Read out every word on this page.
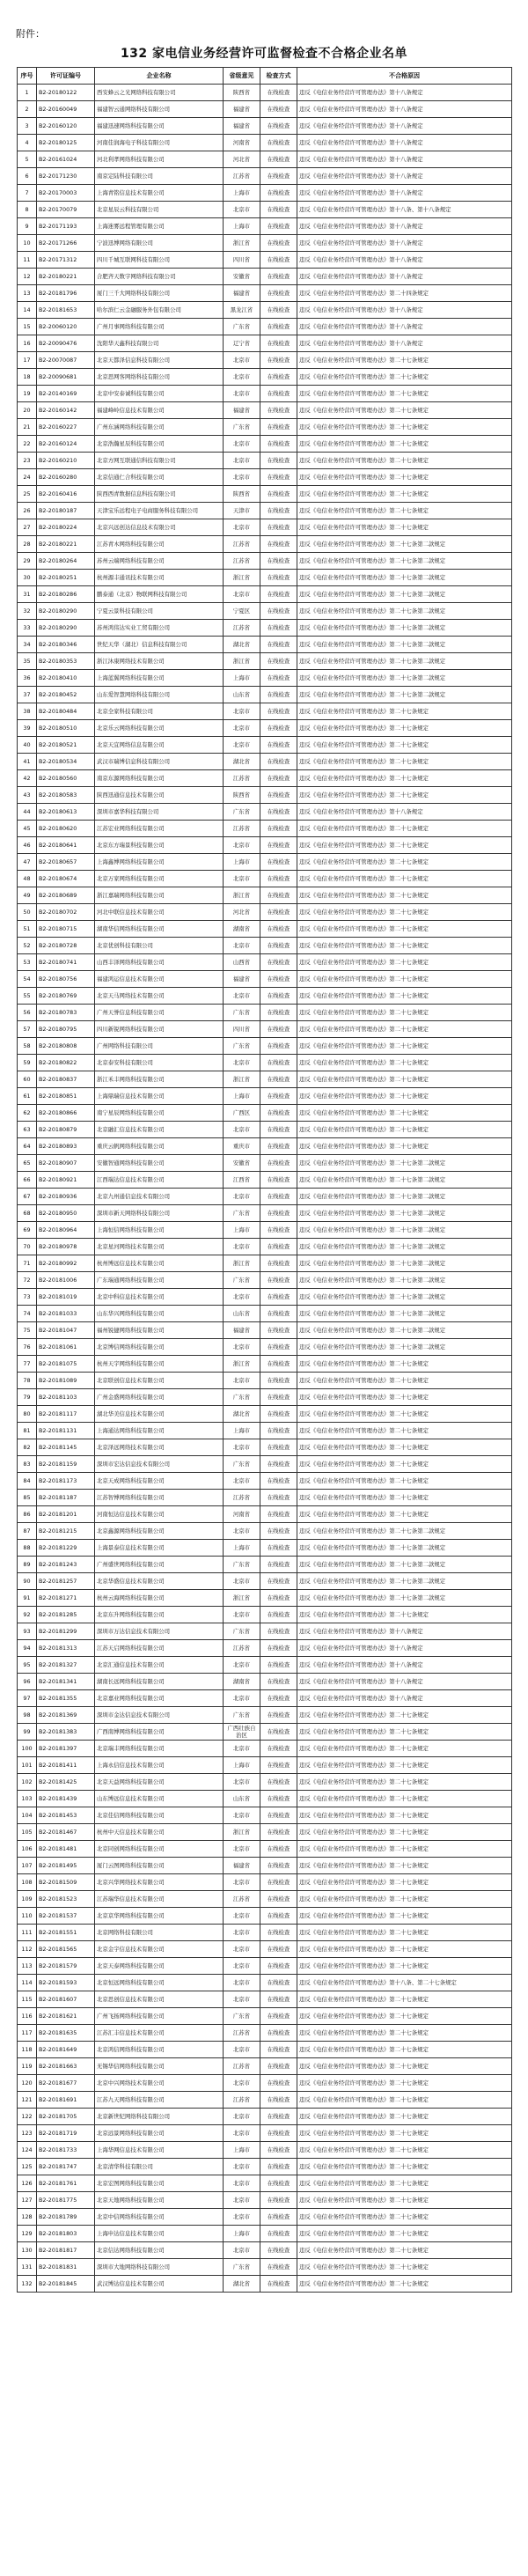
附件：
132 家电信业务经营许可监督检查不合格企业名单
序号	许可证编号	企业名称	省级意见	检查方式	不合格原因
1	B2-20180122	西安蜂云之光网络科技有限公司	陕西省	在线检查	违反《电信业务经营许可管理办法》第十八条规定
2	B2-20160049	福建智云通网络科技有限公司	福建省	在线检查	违反《电信业务经营许可管理办法》第十八条规定
3	B2-20160120	福建迅速网络科技有限公司	福建省	在线检查	违反《电信业务经营许可管理办法》第十八条规定
4	B2-20180125	河南佳润海电子科技有限公司	河南省	在线检查	违反《电信业务经营许可管理办法》第十八条规定
5	B2-20161024	河北利孝网络科技有限公司	河北省	在线检查	违反《电信业务经营许可管理办法》第十八条规定
6	B2-20171230	南京定陆科技有限公司	江苏省	在线检查	违反《电信业务经营许可管理办法》第十八条规定
7	B2-20170003	上海青铭信息技术有限公司	上海市	在线检查	违反《电信业务经营许可管理办法》第十八条规定
8	B2-20170079	北京星辰云科技有限公司	北京市	在线检查	违反《电信业务经营许可管理办法》第十八条、第十八条规定
9	B2-20171193	上海迷雾远程管理有限公司	上海市	在线检查	违反《电信业务经营许可管理办法》第十八条规定
10	B2-20171266	宁波迅博网络有限公司	浙江省	在线检查	违反《电信业务经营许可管理办法》第十八条规定
11	B2-20171312	四川千城互联网科技有限公司	四川省	在线检查	违反《电信业务经营许可管理办法》第十八条规定
12	B2-20180221	合肥齐天数字网络科技有限公司	安徽省	在线检查	违反《电信业务经营许可管理办法》第十八条规定
13	B2-20181796	厦门三千大网络科技有限公司	福建省	在线检查	违反《电信业务经营许可管理办法》第二十四条规定
14	B2-20181653	哈尔滨仁云金融服务外包有限公司	黑龙江省	在线检查	违反《电信业务经营许可管理办法》第十八条规定
15	B2-20060120	广州月事网络科技有限公司	广东省	在线检查	违反《电信业务经营许可管理办法》第十八条规定
16	B2-20090476	沈阳华天鑫科技有限公司	辽宁省	在线检查	违反《电信业务经营许可管理办法》第十八条规定
17	B2-20070087	北京天都泽信息科技有限公司	北京市	在线检查	违反《电信业务经营许可管理办法》第二十七条规定
18	B2-20090681	北京思网客网络科技有限公司	北京市	在线检查	违反《电信业务经营许可管理办法》第二十七条规定
19	B2-20140169	北京中安泰诚科技有限公司	北京市	在线检查	违反《电信业务经营许可管理办法》第二十七条规定
20	B2-20160142	福建峰岭信息技术有限公司	福建省	在线检查	违反《电信业务经营许可管理办法》第二十七条规定
21	B2-20160227	广州东涵网络科技有限公司	广东省	在线检查	违反《电信业务经营许可管理办法》第二十七条规定
22	B2-20160124	北京浩瀚星辰科技有限公司	北京市	在线检查	违反《电信业务经营许可管理办法》第二十七条规定
23	B2-20160210	北京方网互联通信科技有限公司	北京市	在线检查	违反《电信业务经营许可管理办法》第二十七条规定
24	B2-20160280	北京信通仁合科技有限公司	北京市	在线检查	违反《电信业务经营许可管理办法》第二十七条规定
25	B2-20160416	陕西西青数据信息科技有限公司	陕西省	在线检查	违反《电信业务经营许可管理办法》第二十七条规定
26	B2-20180187	天津宝乐远程电子电商服务科技有限公司	天津市	在线检查	违反《电信业务经营许可管理办法》第二十七条规定
27	B2-20180224	北京兴远创达信息技术有限公司	北京市	在线检查	违反《电信业务经营许可管理办法》第二十七条规定
28	B2-20180221	江苏青木网络科技有限公司	江苏省	在线检查	违反《电信业务经营许可管理办法》第二十七条第二款规定
29	B2-20180264	苏州云端网络科技有限公司	江苏省	在线检查	违反《电信业务经营许可管理办法》第二十七条第二款规定
30	B2-20180251	杭州源丰通讯技术有限公司	浙江省	在线检查	违反《电信业务经营许可管理办法》第二十七条第二款规定
31	B2-20180286	鹏泰通（北京）物联网科技有限公司	北京市	在线检查	违反《电信业务经营许可管理办法》第二十七条第二款规定
32	B2-20180290	宁夏云景科技有限公司	宁夏区	在线检查	违反《电信业务经营许可管理办法》第二十七条第二款规定
33	B2-20180290	苏州鸿伟达实业工贸有限公司	江苏省	在线检查	违反《电信业务经营许可管理办法》第二十七条第二款规定
34	B2-20180346	世纪天华（湖北）信息科技有限公司	湖北省	在线检查	违反《电信业务经营许可管理办法》第二十七条第二款规定
35	B2-20180353	浙江沐康网络技术有限公司	浙江省	在线检查	违反《电信业务经营许可管理办法》第二十七条第二款规定
36	B2-20180410	上海蓝翼网络科技有限公司	上海市	在线检查	违反《电信业务经营许可管理办法》第二十七条第二款规定
37	B2-20180452	山东爱智慧网络科技有限公司	山东省	在线检查	违反《电信业务经营许可管理办法》第二十七条第二款规定
38	B2-20180484	北京全家科技有限公司	北京市	在线检查	违反《电信业务经营许可管理办法》第二十七条规定
39	B2-20180510	北京乐云网络科技有限公司	北京市	在线检查	违反《电信业务经营许可管理办法》第二十七条规定
40	B2-20180521	北京天宜网络信息有限公司	北京市	在线检查	违反《电信业务经营许可管理办法》第二十七条规定
41	B2-20180534	武汉市瑞博信息科技有限公司	湖北省	在线检查	违反《电信业务经营许可管理办法》第二十七条规定
42	B2-20180560	南京东源网络科技有限公司	江苏省	在线检查	违反《电信业务经营许可管理办法》第二十七条规定
43	B2-20180583	陕西迅通信息技术有限公司	陕西省	在线检查	违反《电信业务经营许可管理办法》第二十七条规定
44	B2-20180613	深圳市嘉华科技有限公司	广东省	在线检查	违反《电信业务经营许可管理办法》第十八条规定
45	B2-20180620	江苏宏业网络科技有限公司	江苏省	在线检查	违反《电信业务经营许可管理办法》第二十七条规定
46	B2-20180641	北京东方瑞景科技有限公司	北京市	在线检查	违反《电信业务经营许可管理办法》第二十七条规定
47	B2-20180657	上海鑫博网络科技有限公司	上海市	在线检查	违反《电信业务经营许可管理办法》第二十七条规定
48	B2-20180674	北京万家网络科技有限公司	北京市	在线检查	违反《电信业务经营许可管理办法》第二十七条规定
49	B2-20180689	浙江嘉瑞网络科技有限公司	浙江省	在线检查	违反《电信业务经营许可管理办法》第二十七条规定
50	B2-20180702	河北中联信息技术有限公司	河北省	在线检查	违反《电信业务经营许可管理办法》第二十七条规定
51	B2-20180715	湖南华信网络科技有限公司	湖南省	在线检查	违反《电信业务经营许可管理办法》第二十七条规定
52	B2-20180728	北京优创科技有限公司	北京市	在线检查	违反《电信业务经营许可管理办法》第二十七条规定
53	B2-20180741	山西丰泽网络科技有限公司	山西省	在线检查	违反《电信业务经营许可管理办法》第二十七条规定
54	B2-20180756	福建鸿运信息技术有限公司	福建省	在线检查	违反《电信业务经营许可管理办法》第二十七条规定
55	B2-20180769	北京天马网络技术有限公司	北京市	在线检查	违反《电信业务经营许可管理办法》第二十七条规定
56	B2-20180783	广州天誉信息科技有限公司	广东省	在线检查	违反《电信业务经营许可管理办法》第二十七条规定
57	B2-20180795	四川新锐网络科技有限公司	四川省	在线检查	违反《电信业务经营许可管理办法》第二十七条规定
58	B2-20180808	广州网络科技有限公司	广东省	在线检查	违反《电信业务经营许可管理办法》第二十七条规定
59	B2-20180822	北京泰安科技有限公司	北京市	在线检查	违反《电信业务经营许可管理办法》第二十七条规定
60	B2-20180837	浙江禾丰网络科技有限公司	浙江省	在线检查	违反《电信业务经营许可管理办法》第二十七条规定
61	B2-20180851	上海鼎瑞信息技术有限公司	上海市	在线检查	违反《电信业务经营许可管理办法》第二十七条规定
62	B2-20180866	南宁星辰网络科技有限公司	广西区	在线检查	违反《电信业务经营许可管理办法》第二十七条规定
63	B2-20180879	北京融汇信息技术有限公司	北京市	在线检查	违反《电信业务经营许可管理办法》第二十七条规定
64	B2-20180893	重庆云帆网络科技有限公司	重庆市	在线检查	违反《电信业务经营许可管理办法》第二十七条规定
65	B2-20180907	安徽智通网络科技有限公司	安徽省	在线检查	违反《电信业务经营许可管理办法》第二十七条第二款规定
66	B2-20180921	江西瑞达信息技术有限公司	江西省	在线检查	违反《电信业务经营许可管理办法》第二十七条第二款规定
67	B2-20180936	北京九州通信息技术有限公司	北京市	在线检查	违反《电信业务经营许可管理办法》第二十七条第二款规定
68	B2-20180950	深圳市新天网络科技有限公司	广东省	在线检查	违反《电信业务经营许可管理办法》第二十七条第二款规定
69	B2-20180964	上海恒信网络科技有限公司	上海市	在线检查	违反《电信业务经营许可管理办法》第二十七条第二款规定
70	B2-20180978	北京星河网络技术有限公司	北京市	在线检查	违反《电信业务经营许可管理办法》第二十七条第二款规定
71	B2-20180992	杭州博远信息技术有限公司	浙江省	在线检查	违反《电信业务经营许可管理办法》第二十七条第二款规定
72	B2-20181006	广东瑞通网络科技有限公司	广东省	在线检查	违反《电信业务经营许可管理办法》第二十七条第二款规定
73	B2-20181019	北京中科信息技术有限公司	北京市	在线检查	违反《电信业务经营许可管理办法》第二十七条第二款规定
74	B2-20181033	山东华兴网络科技有限公司	山东省	在线检查	违反《电信业务经营许可管理办法》第二十七条第二款规定
75	B2-20181047	福州锐捷网络科技有限公司	福建省	在线检查	违反《电信业务经营许可管理办法》第二十七条第二款规定
76	B2-20181061	北京博信网络科技有限公司	北京市	在线检查	违反《电信业务经营许可管理办法》第二十七条第二款规定
77	B2-20181075	杭州天宇网络科技有限公司	浙江省	在线检查	违反《电信业务经营许可管理办法》第二十七条规定
78	B2-20181089	北京联创信息技术有限公司	北京市	在线检查	违反《电信业务经营许可管理办法》第二十七条规定
79	B2-20181103	广州金盛网络科技有限公司	广东省	在线检查	违反《电信业务经营许可管理办法》第二十七条规定
80	B2-20181117	湖北华美信息技术有限公司	湖北省	在线检查	违反《电信业务经营许可管理办法》第二十七条规定
81	B2-20181131	上海通达网络科技有限公司	上海市	在线检查	违反《电信业务经营许可管理办法》第二十七条规定
82	B2-20181145	北京泽远网络技术有限公司	北京市	在线检查	违反《电信业务经营许可管理办法》第二十七条规定
83	B2-20181159	深圳市宏达信息技术有限公司	广东省	在线检查	违反《电信业务经营许可管理办法》第二十七条规定
84	B2-20181173	北京天成网络科技有限公司	北京市	在线检查	违反《电信业务经营许可管理办法》第二十七条规定
85	B2-20181187	江苏智博网络科技有限公司	江苏省	在线检查	违反《电信业务经营许可管理办法》第二十七条规定
86	B2-20181201	河南恒达信息技术有限公司	河南省	在线检查	违反《电信业务经营许可管理办法》第二十七条规定
87	B2-20181215	北京鑫源网络科技有限公司	北京市	在线检查	违反《电信业务经营许可管理办法》第二十七条第二款规定
88	B2-20181229	上海景泰信息技术有限公司	上海市	在线检查	违反《电信业务经营许可管理办法》第二十七条第二款规定
89	B2-20181243	广州盛世网络科技有限公司	广东省	在线检查	违反《电信业务经营许可管理办法》第二十七条第二款规定
90	B2-20181257	北京华盛信息技术有限公司	北京市	在线检查	违反《电信业务经营许可管理办法》第二十七条第二款规定
91	B2-20181271	杭州云海网络科技有限公司	浙江省	在线检查	违反《电信业务经营许可管理办法》第二十七条第二款规定
92	B2-20181285	北京东升网络科技有限公司	北京市	在线检查	违反《电信业务经营许可管理办法》第二十七条规定
93	B2-20181299	深圳市万达信息技术有限公司	广东省	在线检查	违反《电信业务经营许可管理办法》第十八条规定
94	B2-20181313	江苏天启网络科技有限公司	江苏省	在线检查	违反《电信业务经营许可管理办法》第十八条规定
95	B2-20181327	北京汇通信息技术有限公司	北京市	在线检查	违反《电信业务经营许可管理办法》第十八条规定
96	B2-20181341	湖南长远网络科技有限公司	湖南省	在线检查	违反《电信业务经营许可管理办法》第十八条规定
97	B2-20181355	北京嘉业网络科技有限公司	北京市	在线检查	违反《电信业务经营许可管理办法》第十八条规定
98	B2-20181369	深圳市金达信息技术有限公司	广东省	在线检查	违反《电信业务经营许可管理办法》第二十七条规定
99	B2-20181383	广西南博网络科技有限公司	广西壮族自治区	在线检查	违反《电信业务经营许可管理办法》第二十七条规定
100	B2-20181397	北京瑞丰网络科技有限公司	北京市	在线检查	违反《电信业务经营许可管理办法》第二十七条规定
101	B2-20181411	上海永信信息技术有限公司	上海市	在线检查	违反《电信业务经营许可管理办法》第二十七条规定
102	B2-20181425	北京天益网络科技有限公司	北京市	在线检查	违反《电信业务经营许可管理办法》第二十七条规定
103	B2-20181439	山东博远信息技术有限公司	山东省	在线检查	违反《电信业务经营许可管理办法》第二十七条规定
104	B2-20181453	北京佳信网络科技有限公司	北京市	在线检查	违反《电信业务经营许可管理办法》第二十七条规定
105	B2-20181467	杭州中天信息技术有限公司	浙江省	在线检查	违反《电信业务经营许可管理办法》第二十七条规定
106	B2-20181481	北京同创网络科技有限公司	北京市	在线检查	违反《电信业务经营许可管理办法》第二十七条规定
107	B2-20181495	厦门云图网络科技有限公司	福建省	在线检查	违反《电信业务经营许可管理办法》第二十七条规定
108	B2-20181509	北京兴华网络技术有限公司	北京市	在线检查	违反《电信业务经营许可管理办法》第二十七条规定
109	B2-20181523	江苏瑞华信息技术有限公司	江苏省	在线检查	违反《电信业务经营许可管理办法》第二十七条规定
110	B2-20181537	北京京华网络科技有限公司	北京市	在线检查	违反《电信业务经营许可管理办法》第二十七条规定
111	B2-20181551	北京网络科技有限公司	北京市	在线检查	违反《电信业务经营许可管理办法》第二十七条规定
112	B2-20181565	北京金宇信息技术有限公司	北京市	在线检查	违反《电信业务经营许可管理办法》第二十七条规定
113	B2-20181579	北京天泰网络科技有限公司	北京市	在线检查	违反《电信业务经营许可管理办法》第二十七条规定
114	B2-20181593	北京恒远网络科技有限公司	北京市	在线检查	违反《电信业务经营许可管理办法》第十八条、第二十七条规定
115	B2-20181607	北京思创信息技术有限公司	北京市	在线检查	违反《电信业务经营许可管理办法》第二十七条规定
116	B2-20181621	广州飞扬网络科技有限公司	广东省	在线检查	违反《电信业务经营许可管理办法》第二十七条规定
117	B2-20181635	江苏汇丰信息技术有限公司	江苏省	在线检查	违反《电信业务经营许可管理办法》第二十七条规定
118	B2-20181649	北京鸿信网络科技有限公司	北京市	在线检查	违反《电信业务经营许可管理办法》第二十七条规定
119	B2-20181663	无锡华信网络科技有限公司	江苏省	在线检查	违反《电信业务经营许可管理办法》第二十七条规定
120	B2-20181677	北京中兴网络技术有限公司	北京市	在线检查	违反《电信业务经营许可管理办法》第二十七条规定
121	B2-20181691	江苏九天网络科技有限公司	江苏省	在线检查	违反《电信业务经营许可管理办法》第二十七条规定
122	B2-20181705	北京新世纪网络科技有限公司	北京市	在线检查	违反《电信业务经营许可管理办法》第二十七条规定
123	B2-20181719	北京远景网络科技有限公司	北京市	在线检查	违反《电信业务经营许可管理办法》第二十七条规定
124	B2-20181733	上海华网信息技术有限公司	上海市	在线检查	违反《电信业务经营许可管理办法》第二十七条规定
125	B2-20181747	北京清华科技有限公司	北京市	在线检查	违反《电信业务经营许可管理办法》第二十七条规定
126	B2-20181761	北京宏图网络科技有限公司	北京市	在线检查	违反《电信业务经营许可管理办法》第二十七条规定
127	B2-20181775	北京天地网络科技有限公司	北京市	在线检查	违反《电信业务经营许可管理办法》第二十七条规定
128	B2-20181789	北京中信网络科技有限公司	北京市	在线检查	违反《电信业务经营许可管理办法》第二十七条规定
129	B2-20181803	上海申达信息技术有限公司	上海市	在线检查	违反《电信业务经营许可管理办法》第二十七条规定
130	B2-20181817	北京信达网络科技有限公司	北京市	在线检查	违反《电信业务经营许可管理办法》第二十七条规定
131	B2-20181831	深圳市大地网络科技有限公司	广东省	在线检查	违反《电信业务经营许可管理办法》第二十七条规定
132	B2-20181845	武汉博达信息技术有限公司	湖北省	在线检查	违反《电信业务经营许可管理办法》第二十七条规定
